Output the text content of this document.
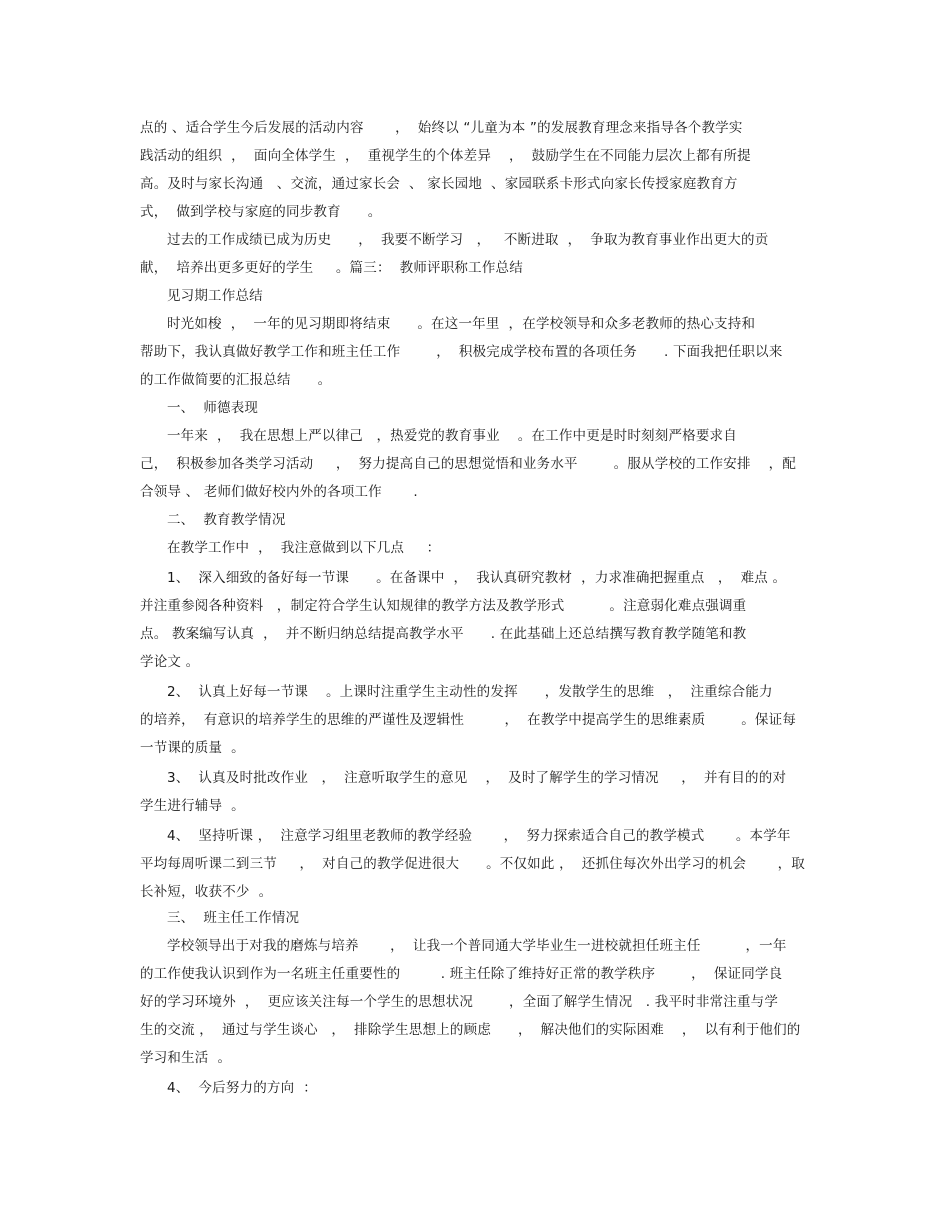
点的 、适合学生今后发展的活动内容       ，  始终以 “儿童为本 ”的发展教育理念来指导各个教学实
践活动的组织  ，  面向全体学生  ，  重视学生的个体差异    ，  鼓励学生在不同能力层次上都有所提
高。及时与家长沟通   、交流，通过家长会  、 家长园地  、家园联系卡形式向家长传授家庭教育方
式，  做到学校与家庭的同步教育      。
过去的工作成绩已成为历史      ，  我要不断学习   ，   不断进取  ，  争取为教育事业作出更大的贡
献，  培养出更多更好的学生     。篇三：  教师评职称工作总结
见习期工作总结
时光如梭  ，  一年的见习期即将结束      。在这一年里  ，在学校领导和众多老教师的热心支持和
帮助下，我认真做好教学工作和班主任工作        ，  积极完成学校布置的各项任务      . 下面我把任职以来
的工作做简要的汇报总结      。
一、  师德表现
一年来  ，  我在思想上严以律己   ，热爱党的教育事业    。在工作中更是时时刻刻严格要求自
己，  积极参加各类学习活动     ，  努力提高自己的思想觉悟和业务水平        。服从学校的工作安排    ，配
合领导 、 老师们做好校内外的各项工作       .
二、  教育教学情况
在教学工作中  ，  我注意做到以下几点     ：
1、  深入细致的备好每一节课      。在备课中  ，  我认真研究教材  ，力求准确把握重点   ，  难点 。
并注重参阅各种资料   ，制定符合学生认知规律的教学方法及教学形式          。注意弱化难点强调重
点。 教案编写认真  ，  并不断归纳总结提高教学水平      . 在此基础上还总结撰写教育教学随笔和教
学论文 。
2、  认真上好每一节课    。上课时注重学生主动性的发挥      ，发散学生的思维   ，  注重综合能力
的培养，  有意识的培养学生的思维的严谨性及逻辑性         ，  在教学中提高学生的思维素质        。保证每
一节课的质量  。
3、  认真及时批改作业   ，  注意听取学生的意见    ，  及时了解学生的学习情况     ，  并有目的的对
学生进行辅导  。
4、  坚持听课 ，  注意学习组里老教师的教学经验       ，  努力探索适合自己的教学模式       。本学年
平均每周听课二到三节     ，  对自己的教学促进很大      。不仅如此 ，  还抓住每次外出学习的机会       ，取
长补短，收获不少  。
三、  班主任工作情况
学校领导出于对我的磨炼与培养       ，  让我一个普同通大学毕业生一进校就担任班主任          ，一年
的工作使我认识到作为一名班主任重要性的         . 班主任除了维持好正常的教学秩序        ，  保证同学良
好的学习环境外  ，  更应该关注每一个学生的思想状况        ，全面了解学生情况   . 我平时非常注重与学
生的交流 ，  通过与学生谈心   ，  排除学生思想上的顾虑      ，  解决他们的实际困难    ，  以有利于他们的
学习和生活  。
4、  今后努力的方向  ：
